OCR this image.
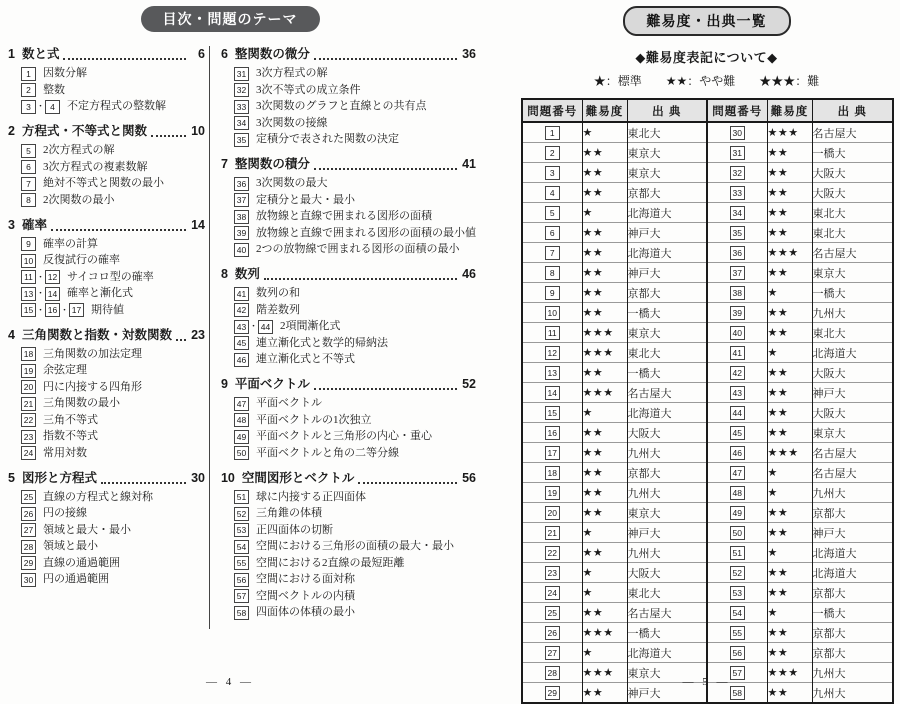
目次・問題のテーマ
1 数と式	6
1	因数分解
2	整数
3 ・ 4	不定方程式の整数解
2 方程式・不等式と関数	10
5	2次方程式の解
6	3次方程式の複素数解
7	絶対不等式と関数の最小
8	2次関数の最小
3 確率	14
9	確率の計算
10 反復試行の確率
11 ・ 12 サイコロ型の確率
13 ・ 14 確率と漸化式
15 ・ 16 ・ 17 期待値
4 三角関数と指数・対数関数 23
18 三角関数の加法定理
19 余弦定理
20 円に内接する四角形
21 三角関数の最小
22 三角不等式
23 指数不等式
24 常用対数
5 図形と方程式	30
25 直線の方程式と線対称
26 円の接線
27 領域と最大・最小
28 領域と最小
29 直線の通過範囲
30 円の通過範囲
6 整関数の微分	36
31 3次方程式の解
32 3次不等式の成立条件
33 3次関数のグラフと直線との共有点
34 3次関数の接線
35 定積分で表された関数の決定
7 整関数の積分	41
36 3次関数の最大
37 定積分と最大・最小
38 放物線と直線で囲まれる図形の面積
39 放物線と直線で囲まれる図形の面積の最小値
40 2つの放物線で囲まれる図形の面積の最小
8 数列	46
41 数列の和
42 階差数列
43 ・ 44 2項間漸化式
45 連立漸化式と数学的帰納法
46 連立漸化式と不等式
9 平面ベクトル	52
47 平面ベクトル
48 平面ベクトルの1次独立
49 平面ベクトルと三角形の内心・重心
50 平面ベクトルと角の二等分線
10 空間図形とベクトル	56
51 球に内接する正四面体
52 三角錐の体積
53 正四面体の切断
54 空間における三角形の面積の最大・最小
55 空間における2直線の最短距離
56 空間における面対称
57 空間ベクトルの内積
58 四面体の体積の最小
— 4 —
難易度・出典一覧
◆難易度表記について◆
★：標準 ★★：やや難 ★★★：難
問題番号	難易度	出 典	問題番号	難易度	出 典
1	★	東北大	30	★★★	名古屋大
2	★★	東京大	31	★★	一橋大
3	★★	東京大	32	★★	大阪大
4	★★	京都大	33	★★	大阪大
5	★	北海道大	34	★★	東北大
6	★★	神戸大	35	★★	東北大
7	★★	北海道大	36	★★★	名古屋大
8	★★	神戸大	37	★★	東京大
9	★★	京都大	38	★	一橋大
10	★★	一橋大	39	★★	九州大
11	★★★	東京大	40	★★	東北大
12	★★★	東北大	41	★	北海道大
13	★★	一橋大	42	★★	大阪大
14	★★★	名古屋大	43	★★	神戸大
15	★	北海道大	44	★★	大阪大
16	★★	大阪大	45	★★	東京大
17	★★	九州大	46	★★★	名古屋大
18	★★	京都大	47	★	名古屋大
19	★★	九州大	48	★	九州大
20	★★	東京大	49	★★	京都大
21	★	神戸大	50	★★	神戸大
22	★★	九州大	51	★	北海道大
23	★	大阪大	52	★★	北海道大
24	★	東北大	53	★★	京都大
25	★★	名古屋大	54	★	一橋大
26	★★★	一橋大	55	★★	京都大
27	★	北海道大	56	★★	京都大
28	★★★	東京大	57	★★★	九州大
29	★★	神戸大	58	★★	九州大
— 5 —
